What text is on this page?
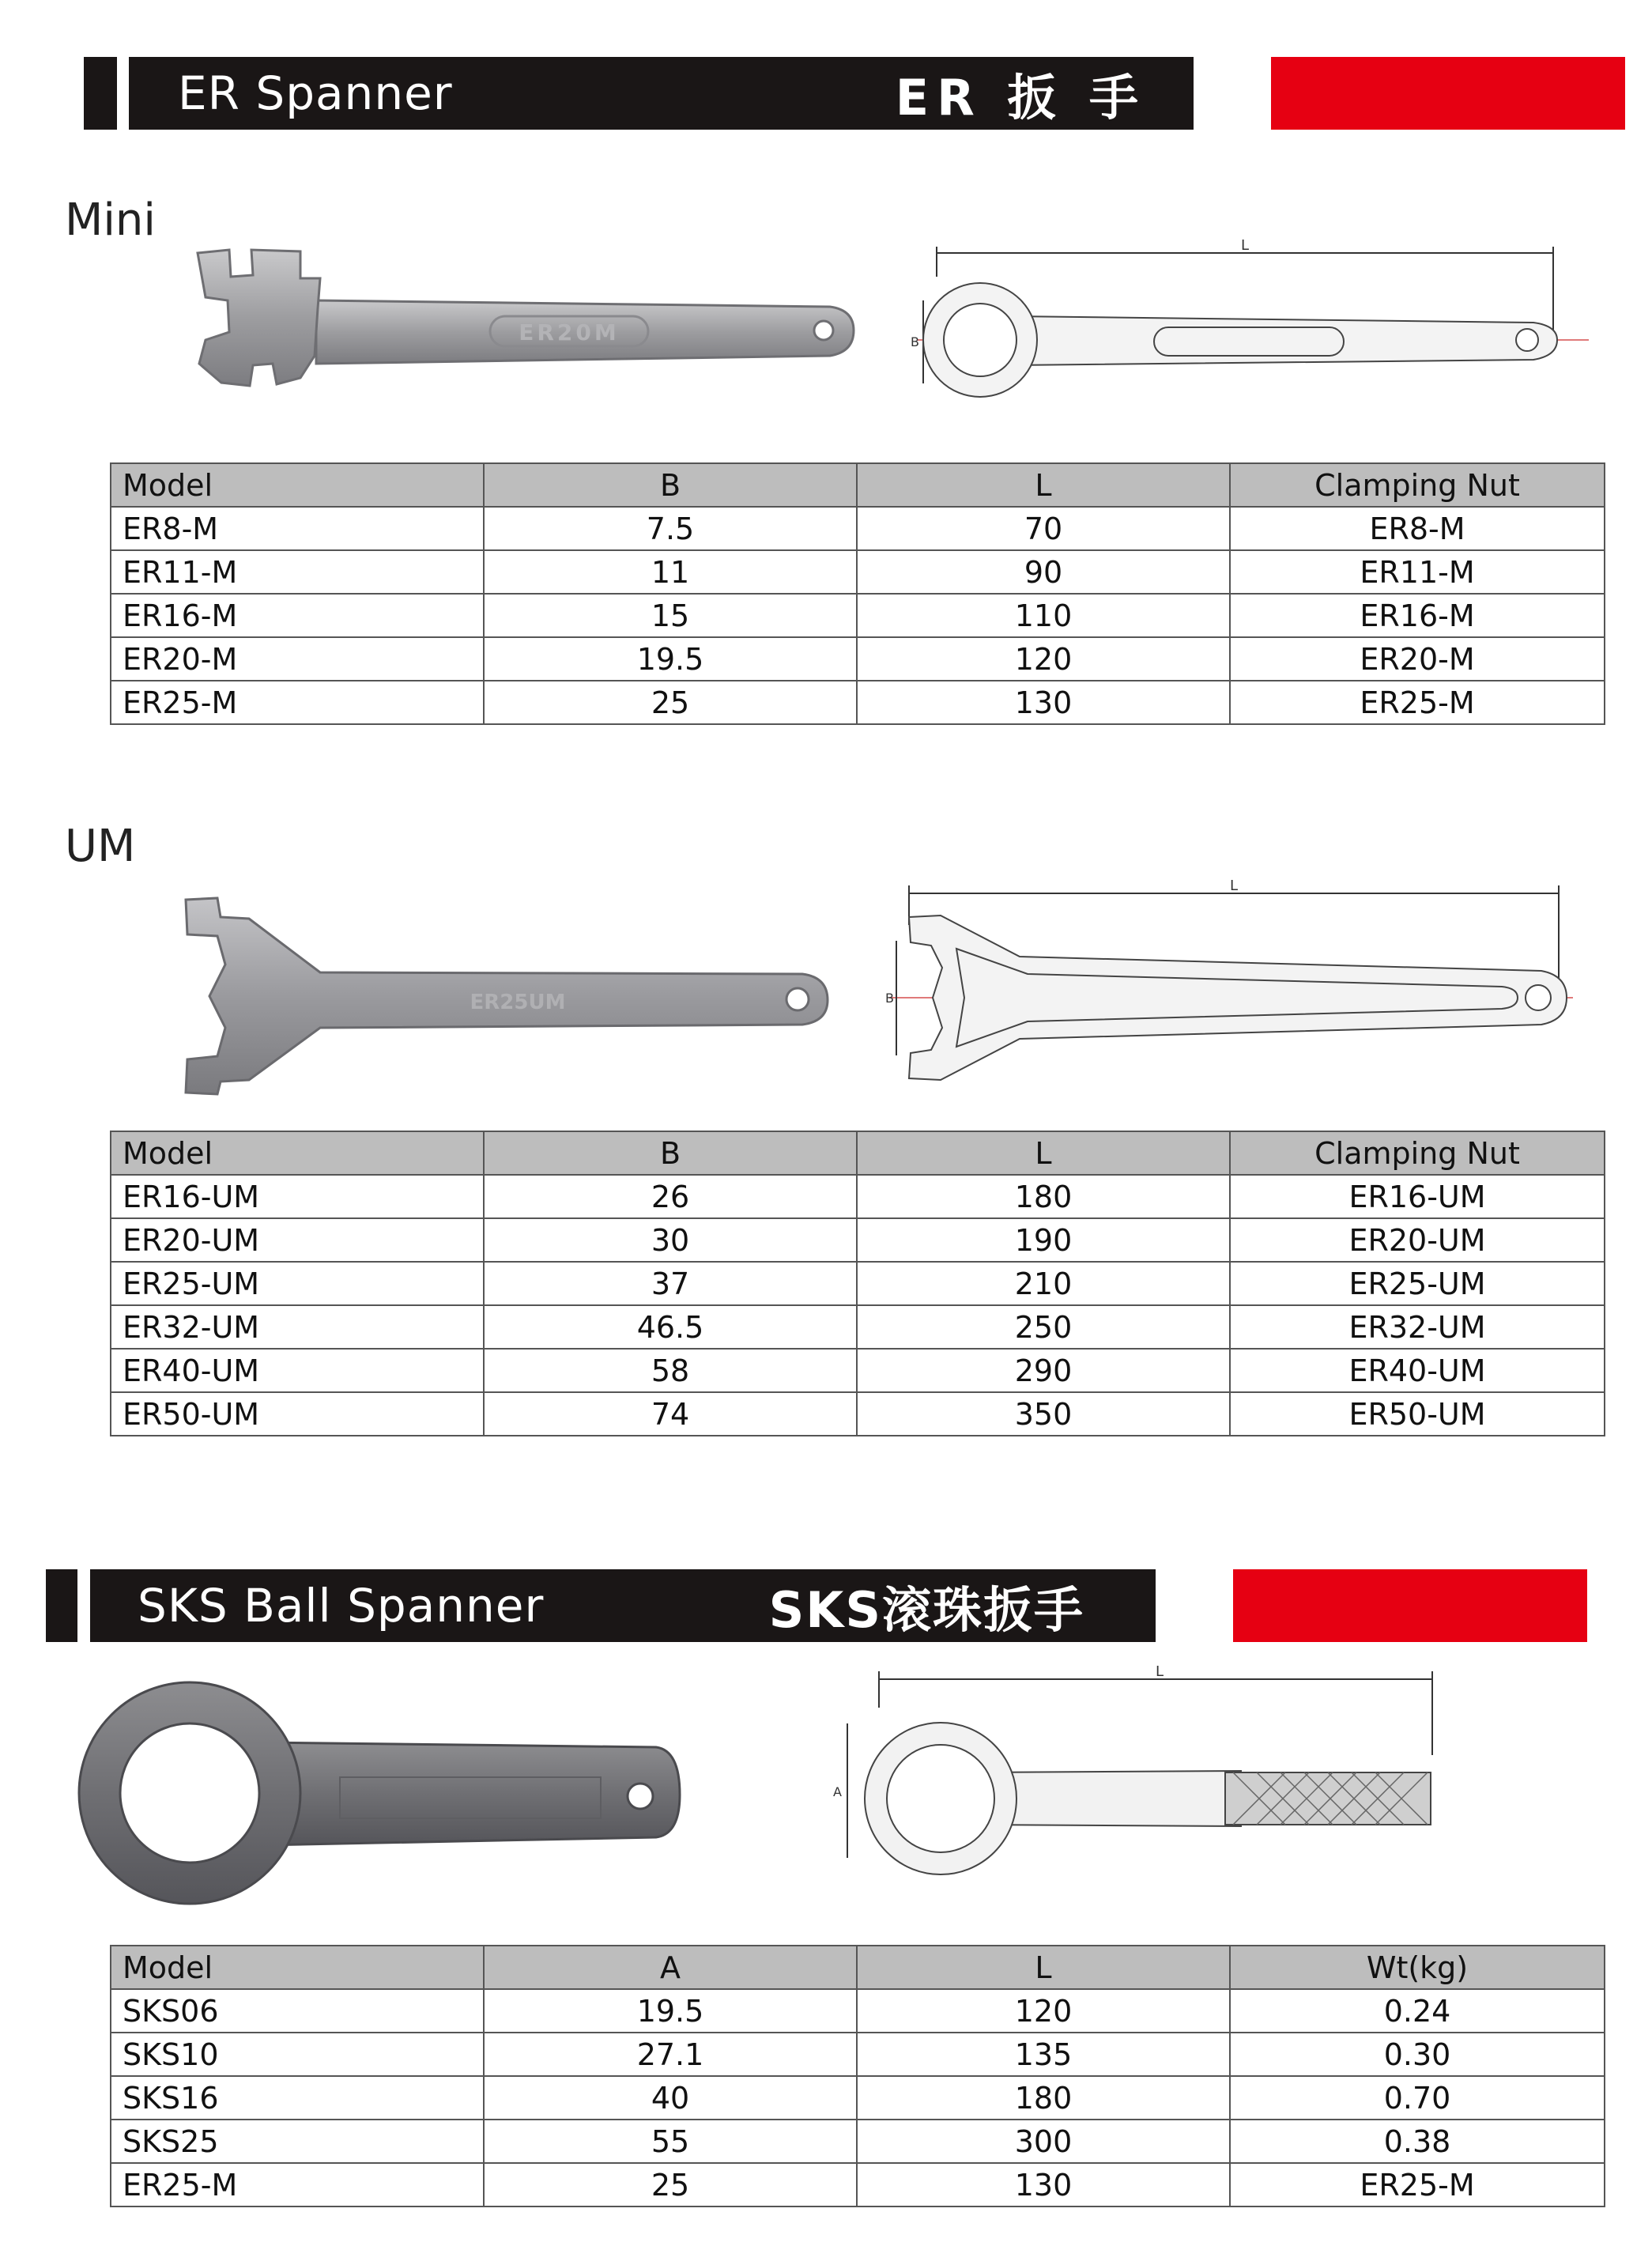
ER Spanner	ER 扳 手
Mini
ER20M
L
B
Model	B	L	Clamping Nut
ER8-M	7.5	70	ER8-M
ER11-M	11	90	ER11-M
ER16-M	15	110	ER16-M
ER20-M	19.5	120	ER20-M
ER25-M	25	130	ER25-M
UM
ER25UM
L
B
Model	B	L	Clamping Nut
ER16-UM	26	180	ER16-UM
ER20-UM	30	190	ER20-UM
ER25-UM	37	210	ER25-UM
ER32-UM	46.5	250	ER32-UM
ER40-UM	58	290	ER40-UM
ER50-UM	74	350	ER50-UM
SKS Ball Spanner	SKS滚珠扳手
L
A
Model	A	L	Wt(kg)
SKS06	19.5	120	0.24
SKS10	27.1	135	0.30
SKS16	40	180	0.70
SKS25	55	300	0.38
ER25-M	25	130	ER25-M
